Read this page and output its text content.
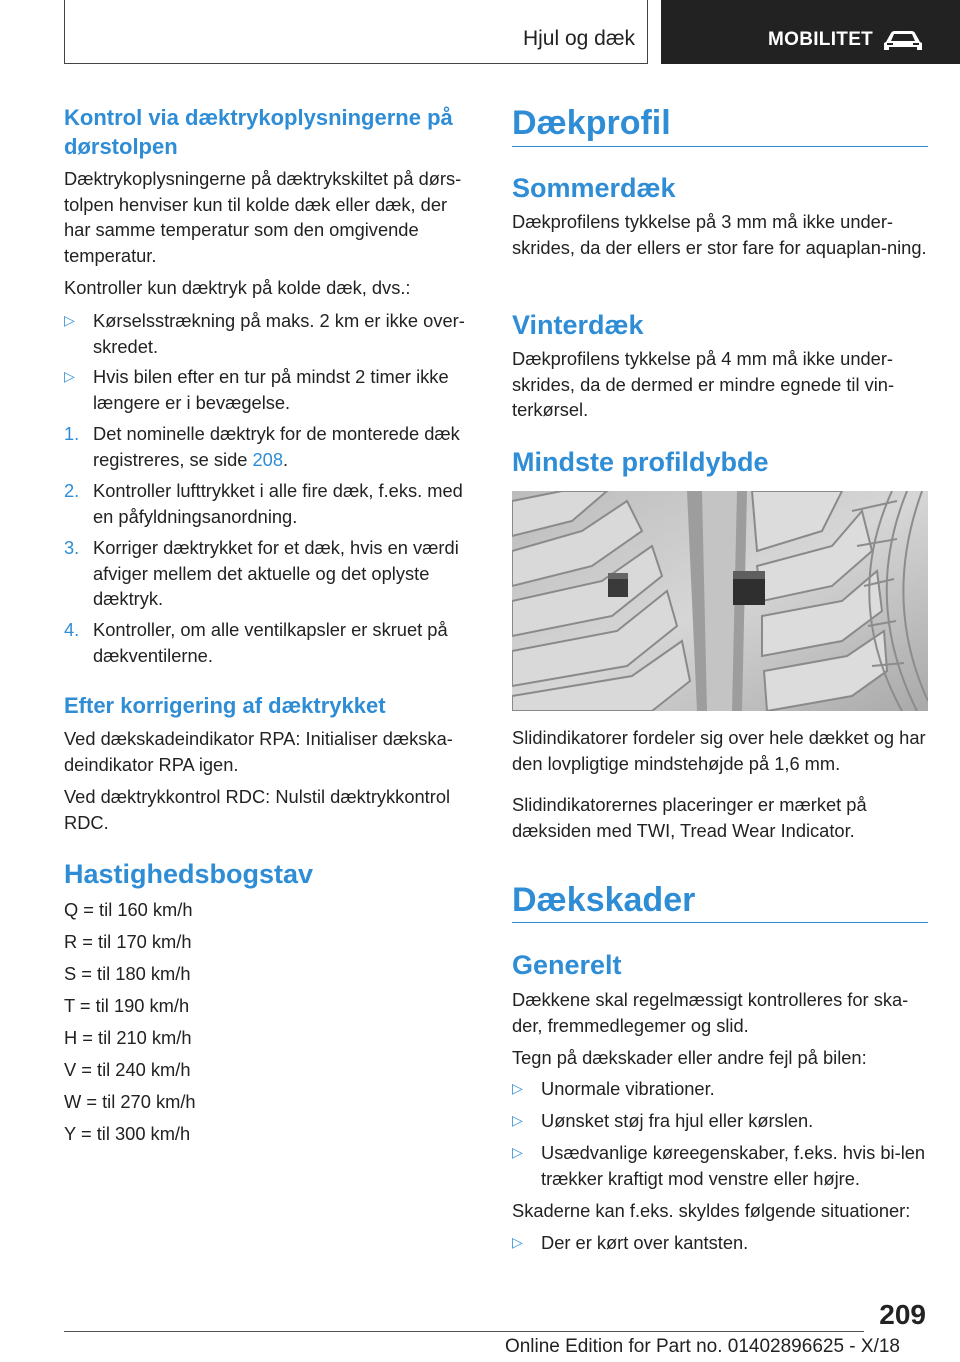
Hjul og dæk	MOBILITET
Kontrol via dæktrykoplysningerne på dørstolpen

Dæktrykoplysningerne på dæktrykskiltet på dørs-tolpen henviser kun til kolde dæk eller dæk, der har samme temperatur som den omgivende temperatur.

Kontroller kun dæktryk på kolde dæk, dvs.:

▷ Kørselsstrækning på maks. 2 km er ikke over-skredet.
▷ Hvis bilen efter en tur på mindst 2 timer ikke længere er i bevægelse.
1. Det nominelle dæktryk for de monterede dæk registreres, se side 208.
2. Kontroller lufttrykket i alle fire dæk, f.eks. med en påfyldningsanordning.
3. Korriger dæktrykket for et dæk, hvis en værdi afviger mellem det aktuelle og det oplyste dæktryk.
4. Kontroller, om alle ventilkapsler er skruet på dækventilerne.
Efter korrigering af dæktrykket

Ved dækskadeindikator RPA: Initialiser dækska-deindikator RPA igen.

Ved dæktrykkontrol RDC: Nulstil dæktrykkontrol RDC.

Hastighedsbogstav

Q = til 160 km/h

R = til 170 km/h

S = til 180 km/h

T = til 190 km/h

H = til 210 km/h

V = til 240 km/h

W = til 270 km/h

Y = til 300 km/h

Dækprofil
Sommerdæk

Dækprofilens tykkelse på 3 mm må ikke under-skrides, da der ellers er stor fare for aquaplan-ning.

Vinterdæk

Dækprofilens tykkelse på 4 mm må ikke under-skrides, da de dermed er mindre egnede til vin-terkørsel.

Mindste profildybde

Slidindikatorer fordeler sig over hele dækket og har den lovpligtige mindstehøjde på 1,6 mm.

Slidindikatorernes placeringer er mærket på dæksiden med TWI, Tread Wear Indicator.

Dækskader
Generelt

Dækkene skal regelmæssigt kontrolleres for ska-der, fremmedlegemer og slid.

Tegn på dækskader eller andre fejl på bilen:

▷ Unormale vibrationer.
▷ Uønsket støj fra hjul eller kørslen.
▷ Usædvanlige køreegenskaber, f.eks. hvis bi-len trækker kraftigt mod venstre eller højre.

Skaderne kan f.eks. skyldes følgende situationer:

▷ Der er kørt over kantsten.
209
Online Edition for Part no. 01402896625 - X/18
